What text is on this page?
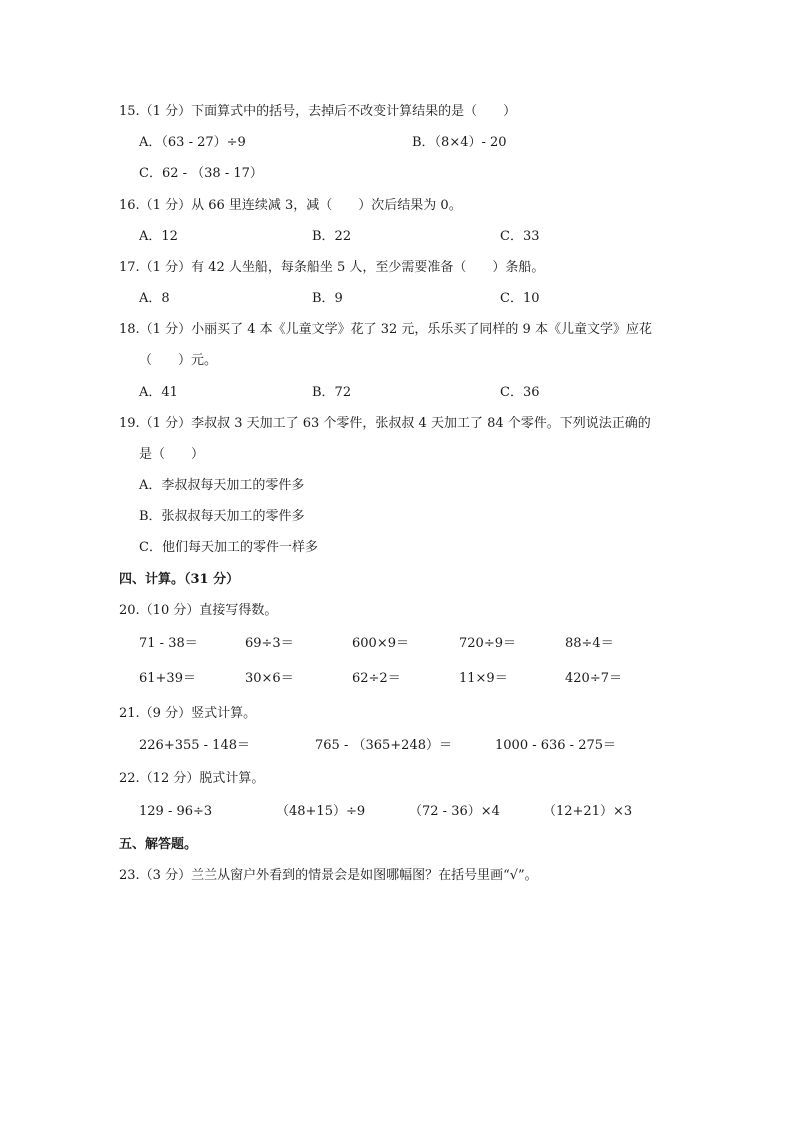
15.（1 分）下面算式中的括号，去掉后不改变计算结果的是（　　）
A．（63 - 27）÷9	B．（8×4）- 20
C．62 - （38 - 17）
16.（1 分）从 66 里连续减 3，减（　　）次后结果为 0。
A．12	B．22	C．33
17.（1 分）有 42 人坐船，每条船坐 5 人，至少需要准备（　　）条船。
A．8	B．9	C．10
18.（1 分）小丽买了 4 本《儿童文学》花了 32 元，乐乐买了同样的 9 本《儿童文学》应花
（　　）元。
A．41	B．72	C．36
19.（1 分）李叔叔 3 天加工了 63 个零件，张叔叔 4 天加工了 84 个零件。下列说法正确的
是（　　）
A．李叔叔每天加工的零件多
B．张叔叔每天加工的零件多
C．他们每天加工的零件一样多
四、计算。（31 分）
20.（10 分）直接写得数。
71 - 38＝	69÷3＝	600×9＝	720÷9＝	88÷4＝
61+39＝	30×6＝	62÷2＝	11×9＝	420÷7＝
21.（9 分）竖式计算。
226+355 - 148＝	765 - （365+248）＝	1000 - 636 - 275＝
22.（12 分）脱式计算。
129 - 96÷3	（48+15）÷9	（72 - 36）×4	（12+21）×3
五、解答题。
23.（3 分）兰兰从窗户外看到的情景会是如图哪幅图？在括号里画“√”。
